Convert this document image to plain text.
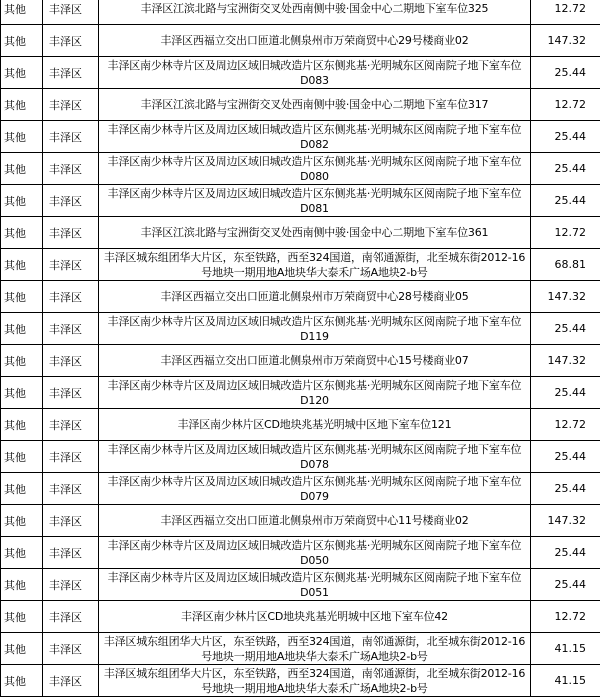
其他	丰泽区	丰泽区江滨北路与宝洲街交叉处西南侧中骏·国金中心二期地下室车位325	12.72
其他	丰泽区	丰泽区西福立交出口匝道北侧泉州市万荣商贸中心29号楼商业02	147.32
其他	丰泽区	丰泽区南少林寺片区及周边区域旧城改造片区东侧兆基·光明城东区阅南院子地下室车位D083	25.44
其他	丰泽区	丰泽区江滨北路与宝洲街交叉处西南侧中骏·国金中心二期地下室车位317	12.72
其他	丰泽区	丰泽区南少林寺片区及周边区域旧城改造片区东侧兆基·光明城东区阅南院子地下室车位D082	25.44
其他	丰泽区	丰泽区南少林寺片区及周边区域旧城改造片区东侧兆基·光明城东区阅南院子地下室车位D080	25.44
其他	丰泽区	丰泽区南少林寺片区及周边区域旧城改造片区东侧兆基·光明城东区阅南院子地下室车位D081	25.44
其他	丰泽区	丰泽区江滨北路与宝洲街交叉处西南侧中骏·国金中心二期地下室车位361	12.72
其他	丰泽区	丰泽区城东组团华大片区，东至铁路，西至324国道，南邻通源街，北至城东街2012-16号地块一期用地A地块华大泰禾广场A地块2-b号	68.81
其他	丰泽区	丰泽区西福立交出口匝道北侧泉州市万荣商贸中心28号楼商业05	147.32
其他	丰泽区	丰泽区南少林寺片区及周边区域旧城改造片区东侧兆基·光明城东区阅南院子地下室车位D119	25.44
其他	丰泽区	丰泽区西福立交出口匝道北侧泉州市万荣商贸中心15号楼商业07	147.32
其他	丰泽区	丰泽区南少林寺片区及周边区域旧城改造片区东侧兆基·光明城东区阅南院子地下室车位D120	25.44
其他	丰泽区	丰泽区南少林片区CD地块兆基光明城中区地下室车位121	12.72
其他	丰泽区	丰泽区南少林寺片区及周边区域旧城改造片区东侧兆基·光明城东区阅南院子地下室车位D078	25.44
其他	丰泽区	丰泽区南少林寺片区及周边区域旧城改造片区东侧兆基·光明城东区阅南院子地下室车位D079	25.44
其他	丰泽区	丰泽区西福立交出口匝道北侧泉州市万荣商贸中心11号楼商业02	147.32
其他	丰泽区	丰泽区南少林寺片区及周边区域旧城改造片区东侧兆基·光明城东区阅南院子地下室车位D050	25.44
其他	丰泽区	丰泽区南少林寺片区及周边区域旧城改造片区东侧兆基·光明城东区阅南院子地下室车位D051	25.44
其他	丰泽区	丰泽区南少林片区CD地块兆基光明城中区地下室车位42	12.72
其他	丰泽区	丰泽区城东组团华大片区，东至铁路，西至324国道，南邻通源街，北至城东街2012-16号地块一期用地A地块华大泰禾广场A地块2-b号	41.15
其他	丰泽区	丰泽区城东组团华大片区，东至铁路，西至324国道，南邻通源街，北至城东街2012-16号地块一期用地A地块华大泰禾广场A地块2-b号	41.15
